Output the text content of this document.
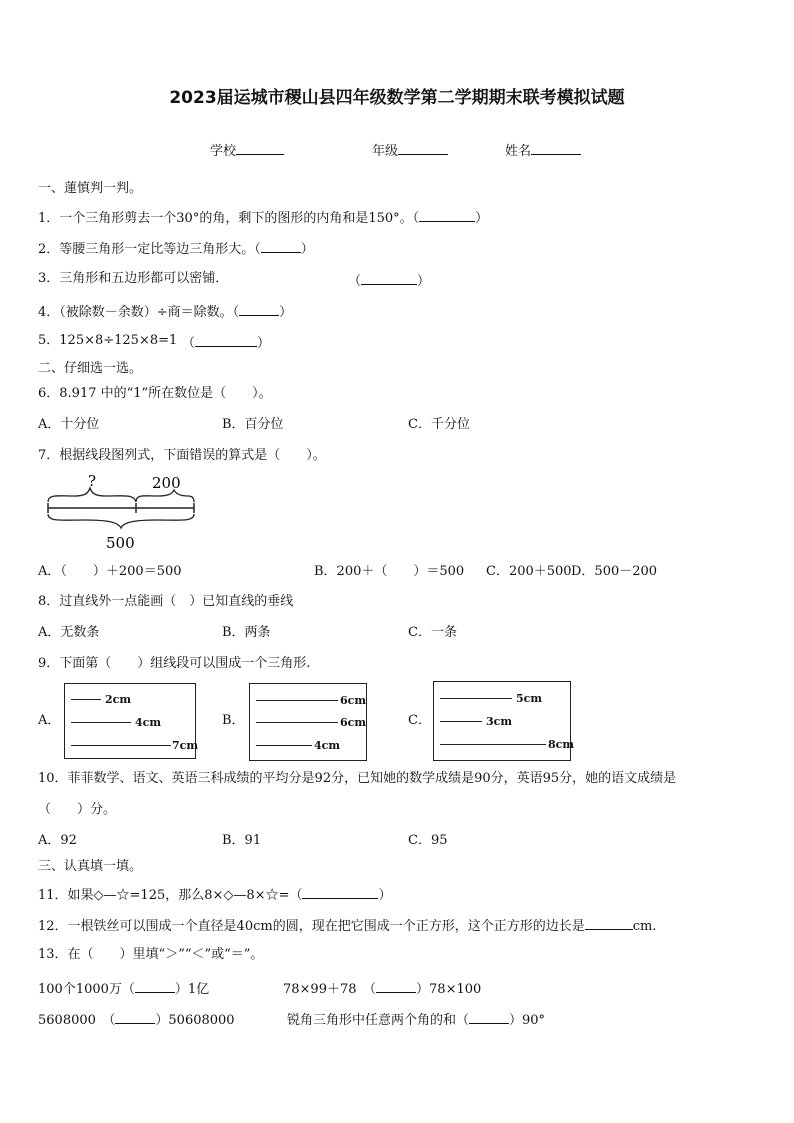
2023届运城市稷山县四年级数学第二学期期末联考模拟试题
学校	年级	姓名
一、蓮慎判一判。
1．一个三角形剪去一个30°的角，剩下的图形的内角和是150°。（	）
2．等腰三角形一定比等边三角形大。（	）
3．三角形和五边形都可以密铺．	（	）
4．（被除数－余数）÷商＝除数。（	）
5．125×8÷125×8=1 （	）
二、仔细选一选。
6．8.917 中的“1”所在数位是（　　）。
A．十分位	B．百分位	C．千分位
7．根据线段图列式，下面错误的算式是（　　）。
?	200
500
A．（　　）＋200＝500	B．200＋（　　）＝500 C．200＋500 D．500－200
8．过直线外一点能画（　）已知直线的垂线
A．无数条	B．两条	C．一条
9．下面第（　　）组线段可以围成一个三角形.
A．
2cm
4cm
7cm
B．
6cm
6cm
4cm
C．
5cm
3cm
8cm
10．菲菲数学、语文、英语三科成绩的平均分是92分，已知她的数学成绩是90分，英语95分，她的语文成绩是
（　　）分。
A．92	B．91	C．95
三、认真填一填。
11．如果◇—☆=125，那么8×◇—8×☆=（	）
12．一根铁丝可以围成一个直径是40cm的圆，现在把它围成一个正方形，这个正方形的边长是	cm.
13．在（　　）里填“＞”“＜”或“＝”。
100个1000万（	）1亿	78×99＋78　（	）78×100
5608000　（	）50608000	锐角三角形中任意两个角的和（	）90°
